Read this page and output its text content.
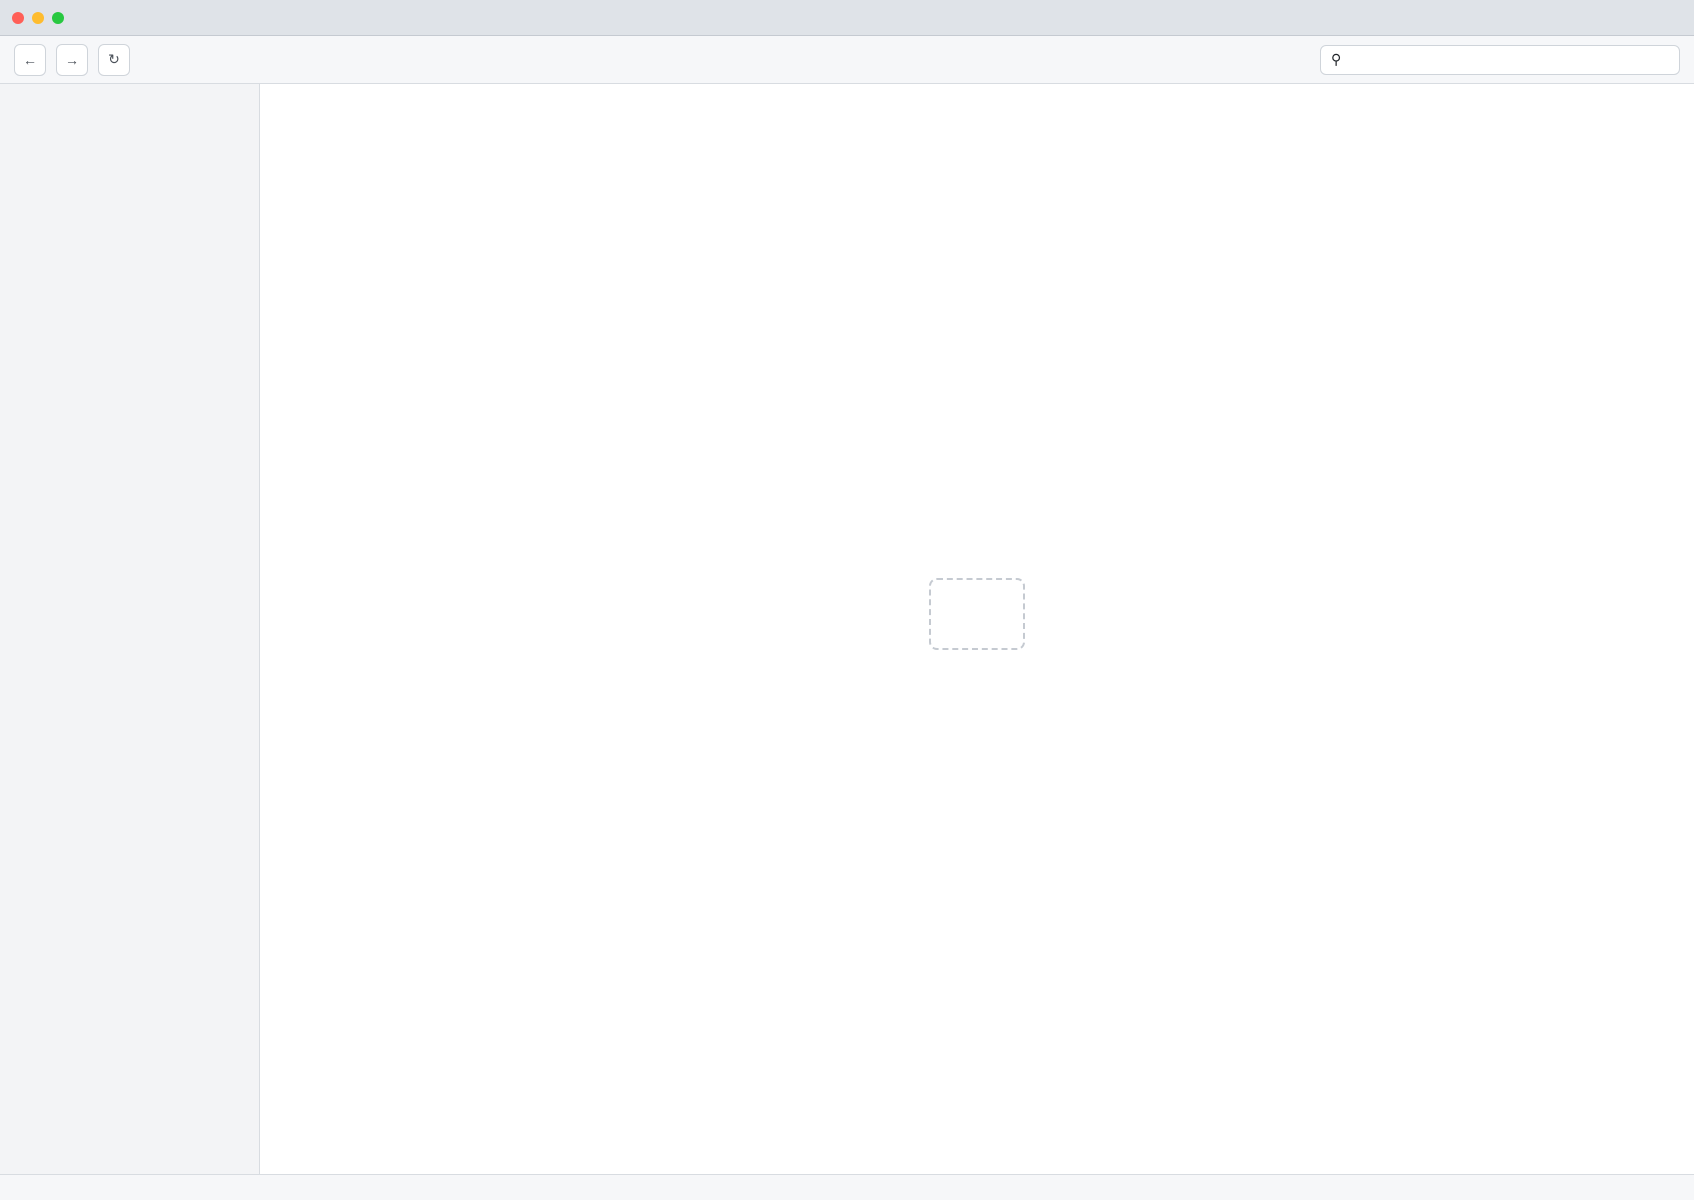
← → ↻	⚲
